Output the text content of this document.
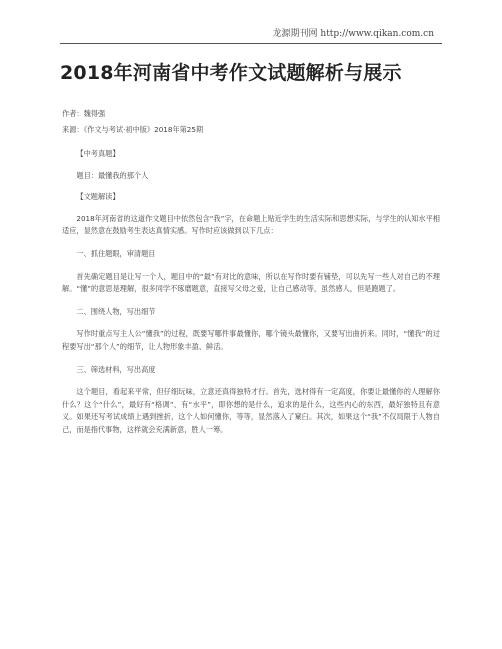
龙源期刊网 http://www.qikan.com.cn
2018年河南省中考作文试题解析与展示
作者：魏得强
来源：《作文与考试·初中版》2018年第25期

【中考真题】

题目：最懂我的那个人

【文题解读】

2018年河南省的这道作文题目中依然包含“我”字，在命题上贴近学生的生活实际和思想实际，与学生的认知水平相适应，显然意在鼓励考生表达真情实感。写作时应该做到以下几点：

一、抓住题眼，审清题目

首先确定题目是让写一个人，题目中的“最”有对比的意味，所以在写作时要有铺垫，可以先写一些人对自己的不理解。“懂”的意思是理解，很多同学不琢磨题意，直接写父母之爱，让自己感动等，虽然感人，但是跑题了。

二、围绕人物，写出细节

写作时重点写主人公“懂我”的过程，既要写哪件事最懂你，哪个镜头最懂你，又要写出曲折来。同时，“懂我”的过程要写出“那个人”的细节，让人物形象丰盈、鲜活。

三、筛选材料，写出高度

这个题目，看起来平常，但仔细玩味，立意还真得独特才行。首先，选材得有一定高度，你要让最懂你的人理解你什么？这个“什么”，最好有“格调”、有“水平”，即你想的是什么，追求的是什么，这些内心的东西，最好独特且有意义。如果还写考试成绩上遇到挫折，这个人如何懂你，等等，显然落入了窠臼。其次，如果这个“我”不仅局限于人物自己，而是指代事物，这样就会充满新意，胜人一筹。
